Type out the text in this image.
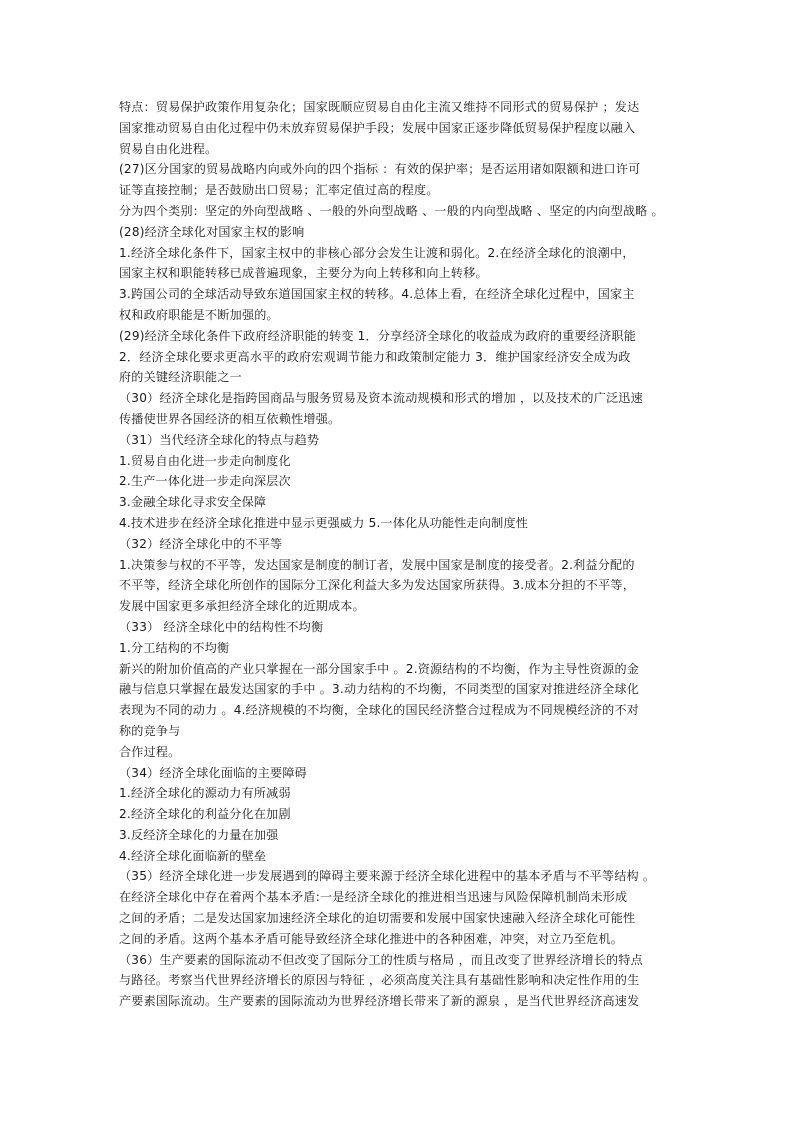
特点：贸易保护政策作用复杂化；国家既顺应贸易自由化主流又维持不同形式的贸易保护 ；发达
国家推动贸易自由化过程中仍未放弃贸易保护手段；发展中国家正逐步降低贸易保护程度以融入
贸易自由化进程。
(27)区分国家的贸易战略内向或外向的四个指标 ：有效的保护率；是否运用诸如限额和进口许可
证等直接控制；是否鼓励出口贸易；汇率定值过高的程度。
分为四个类别：坚定的外向型战略 、一般的外向型战略 、一般的内向型战略 、坚定的内向型战略 。
(28)经济全球化对国家主权的影响
1.经济全球化条件下，国家主权中的非核心部分会发生让渡和弱化。2.在经济全球化的浪潮中，
国家主权和职能转移已成普遍现象，主要分为向上转移和向上转移。
3.跨国公司的全球活动导致东道国国家主权的转移。4.总体上看，在经济全球化过程中，国家主
权和政府职能是不断加强的。
(29)经济全球化条件下政府经济职能的转变 1．分享经济全球化的收益成为政府的重要经济职能
2．经济全球化要求更高水平的政府宏观调节能力和政策制定能力 3．维护国家经济安全成为政
府的关键经济职能之一
（30）经济全球化是指跨国商品与服务贸易及资本流动规模和形式的增加 ，以及技术的广泛迅速
传播使世界各国经济的相互依赖性增强。
（31）当代经济全球化的特点与趋势
1.贸易自由化进一步走向制度化
2.生产一体化进一步走向深层次
3.金融全球化寻求安全保障
4.技术进步在经济全球化推进中显示更强威力 5.一体化从功能性走向制度性
（32）经济全球化中的不平等
1.决策参与权的不平等，发达国家是制度的制订者，发展中国家是制度的接受者。2.利益分配的
不平等，经济全球化所创作的国际分工深化利益大多为发达国家所获得。3.成本分担的不平等，
发展中国家更多承担经济全球化的近期成本。
（33） 经济全球化中的结构性不均衡
1.分工结构的不均衡
新兴的附加价值高的产业只掌握在一部分国家手中 。2.资源结构的不均衡，作为主导性资源的金
融与信息只掌握在最发达国家的手中 。3.动力结构的不均衡，不同类型的国家对推进经济全球化
表现为不同的动力 。4.经济规模的不均衡，全球化的国民经济整合过程成为不同规模经济的不对
称的竞争与
合作过程。
（34）经济全球化面临的主要障碍
1.经济全球化的源动力有所减弱
2.经济全球化的利益分化在加剧
3.反经济全球化的力量在加强
4.经济全球化面临新的壁垒
（35）经济全球化进一步发展遇到的障碍主要来源于经济全球化进程中的基本矛盾与不平等结构 。
在经济全球化中存在着两个基本矛盾:一是经济全球化的推进相当迅速与风险保障机制尚未形成
之间的矛盾；二是发达国家加速经济全球化的迫切需要和发展中国家快速融入经济全球化可能性
之间的矛盾。这两个基本矛盾可能导致经济全球化推进中的各种困难，冲突，对立乃至危机。
（36）生产要素的国际流动不但改变了国际分工的性质与格局 ，而且改变了世界经济增长的特点
与路径。考察当代世界经济增长的原因与特征 ，必须高度关注具有基础性影响和决定性作用的生
产要素国际流动。生产要素的国际流动为世界经济增长带来了新的源泉 ，是当代世界经济高速发
